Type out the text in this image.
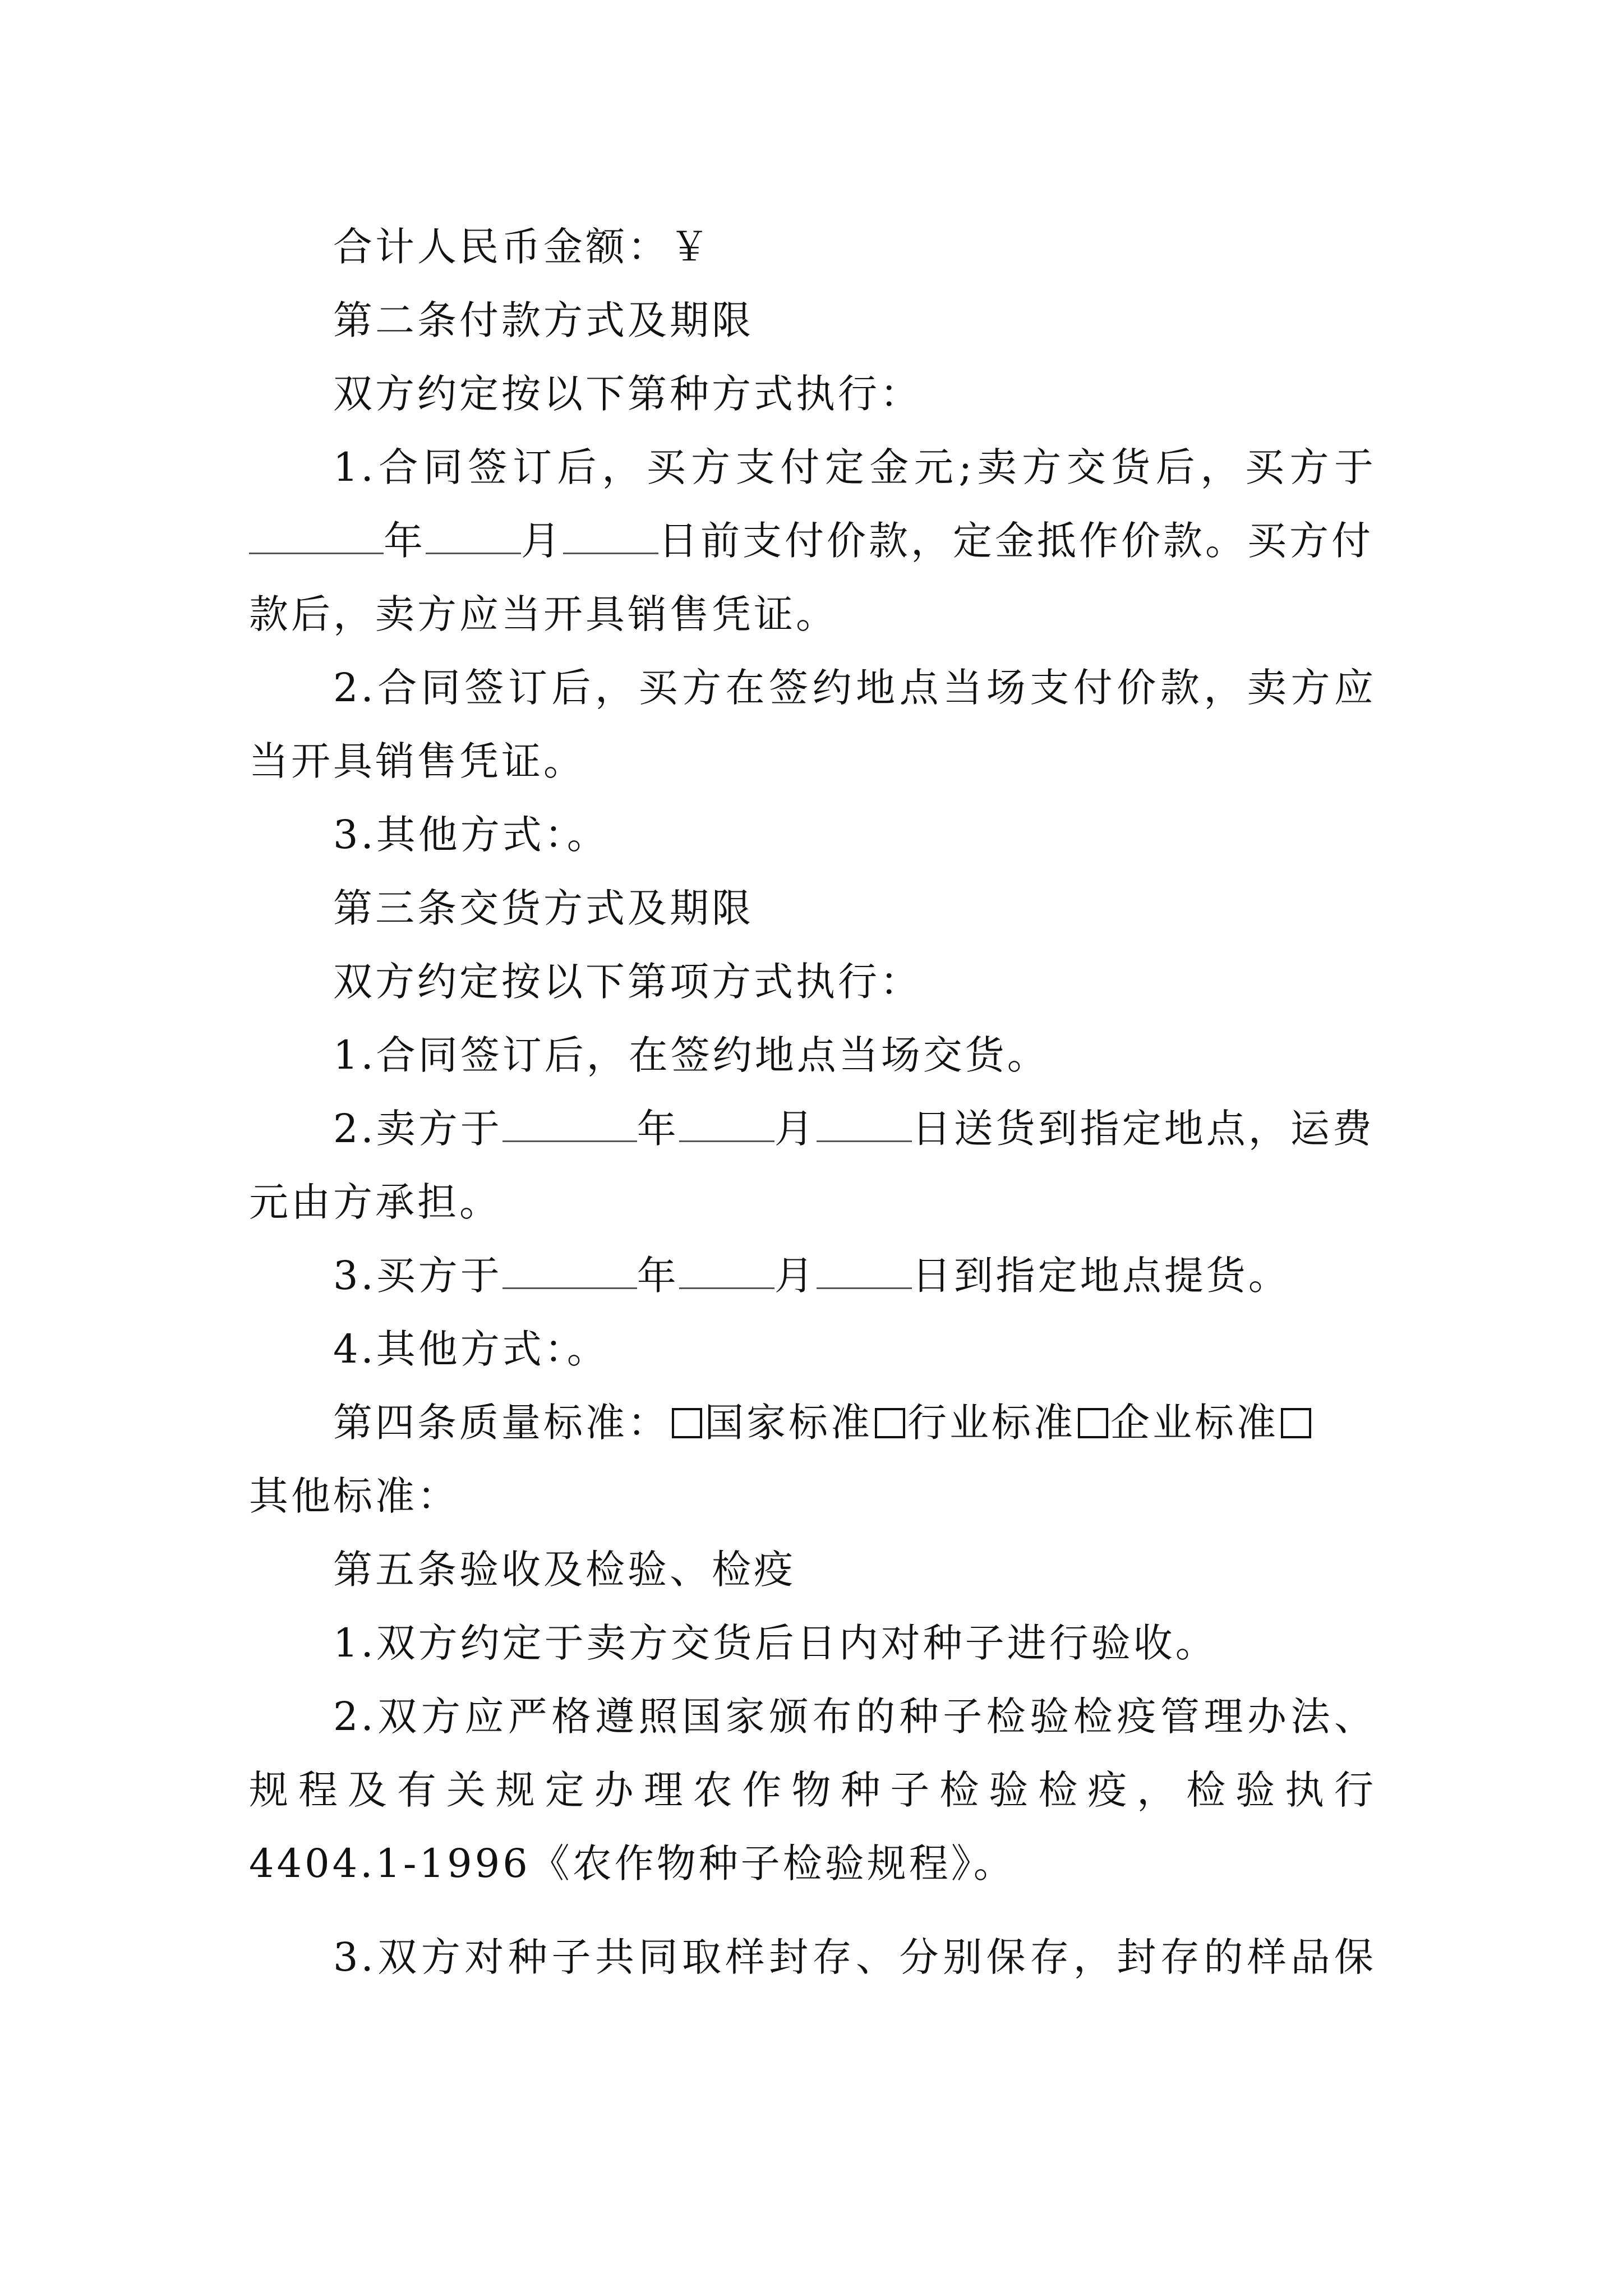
合计人民币金额：￥
第二条付款方式及期限
双方约定按以下第种方式执行：
1.合同签订后，买方支付定金元;卖方交货后，买方于
年 月 日前支付价款，定金抵作价款。买方付
款后，卖方应当开具销售凭证。
2.合同签订后，买方在签约地点当场支付价款，卖方应
当开具销售凭证。
3.其他方式：。
第三条交货方式及期限
双方约定按以下第项方式执行：
1.合同签订后，在签约地点当场交货。
2.卖方于	年 月 日送货到指定地点，运费
元由方承担。
3.买方于	年 月 日到指定地点提货。
4.其他方式：。
第四条质量标准： 国家标准 行业标准 企业标准
其他标准：
第五条验收及检验、检疫
1.双方约定于卖方交货后日内对种子进行验收。
2.双方应严格遵照国家颁布的种子检验检疫管理办法、
规程及有关规定办理农作物种子检验检疫，检验执行
4404.1-1996《农作物种子检验规程》。
3.双方对种子共同取样封存、分别保存，封存的样品保
